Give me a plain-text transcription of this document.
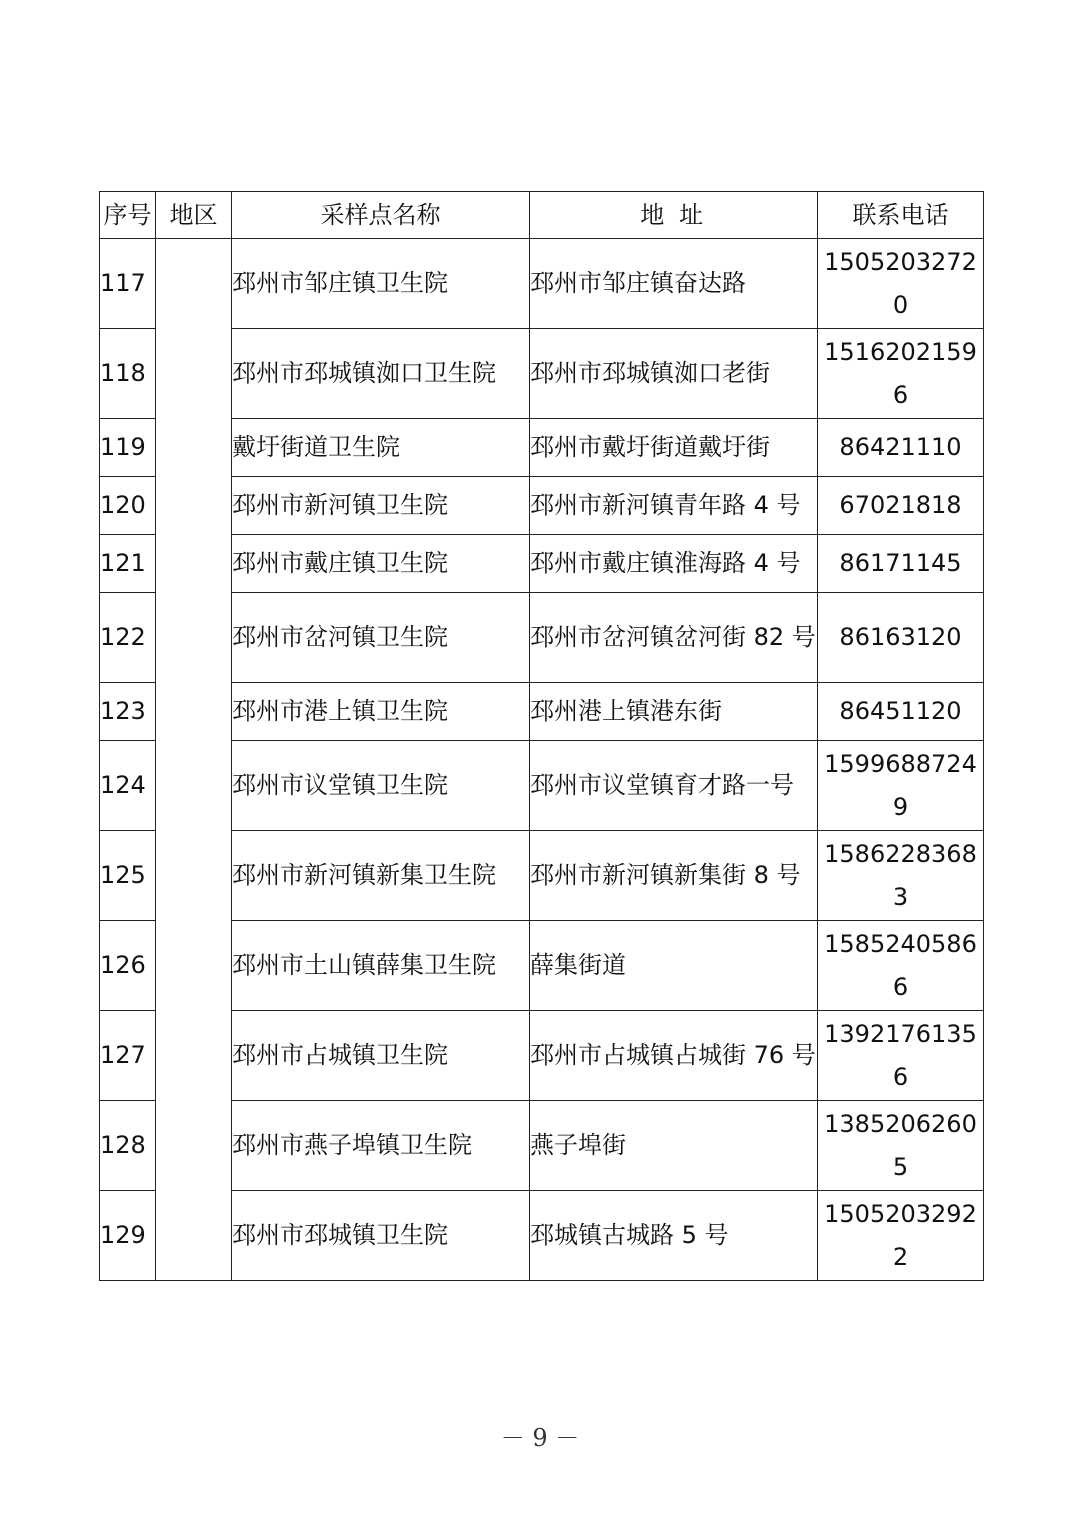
序号	地区	采样点名称	地 址	联系电话
117		邳州市邹庄镇卫生院	邳州市邹庄镇奋达路	15052032720
118		邳州市邳城镇洳口卫生院	邳州市邳城镇洳口老街	15162021596
119		戴圩街道卫生院	邳州市戴圩街道戴圩街	86421110
120		邳州市新河镇卫生院	邳州市新河镇青年路 4 号	67021818
121		邳州市戴庄镇卫生院	邳州市戴庄镇淮海路 4 号	86171145
122		邳州市岔河镇卫生院	邳州市岔河镇岔河街 82 号	86163120
123		邳州市港上镇卫生院	邳州港上镇港东街	86451120
124		邳州市议堂镇卫生院	邳州市议堂镇育才路一号	15996887249
125		邳州市新河镇新集卫生院	邳州市新河镇新集街 8 号	15862283683
126		邳州市土山镇薛集卫生院	薛集街道	15852405866
127		邳州市占城镇卫生院	邳州市占城镇占城街 76 号	13921761356
128		邳州市燕子埠镇卫生院	燕子埠街	13852062605
129		邳州市邳城镇卫生院	邳城镇古城路 5 号	15052032922
－ 9 －
